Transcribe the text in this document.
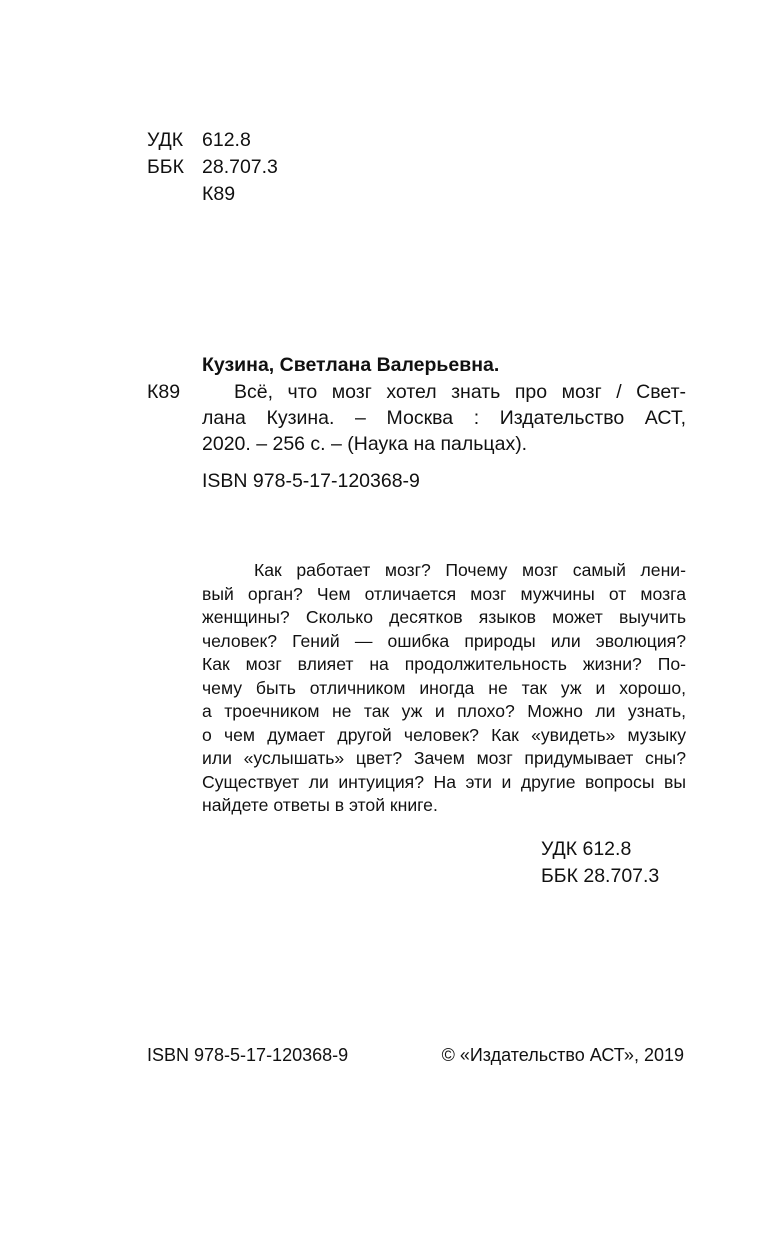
УДК 612.8
ББК 28.707.3
К89
Кузина, Светлана Валерьевна.
К89	Всё, что мозг хотел знать про мозг / Свет-
лана Кузина. – Москва : Издательство АСТ,
2020. – 256 с. – (Наука на пальцах).
ISBN 978-5-17-120368-9
Как работает мозг? Почему мозг самый лени-
вый орган? Чем отличается мозг мужчины от мозга
женщины? Сколько десятков языков может выучить
человек? Гений — ошибка природы или эволюция?
Как мозг влияет на продолжительность жизни? По-
чему быть отличником иногда не так уж и хорошо,
а троечником не так уж и плохо? Можно ли узнать,
о чем думает другой человек? Как «увидеть» музыку
или «услышать» цвет? Зачем мозг придумывает сны?
Существует ли интуиция? На эти и другие вопросы вы
найдете ответы в этой книге.
УДК 612.8
ББК 28.707.3
ISBN 978-5-17-120368-9	© «Издательство АСТ», 2019
